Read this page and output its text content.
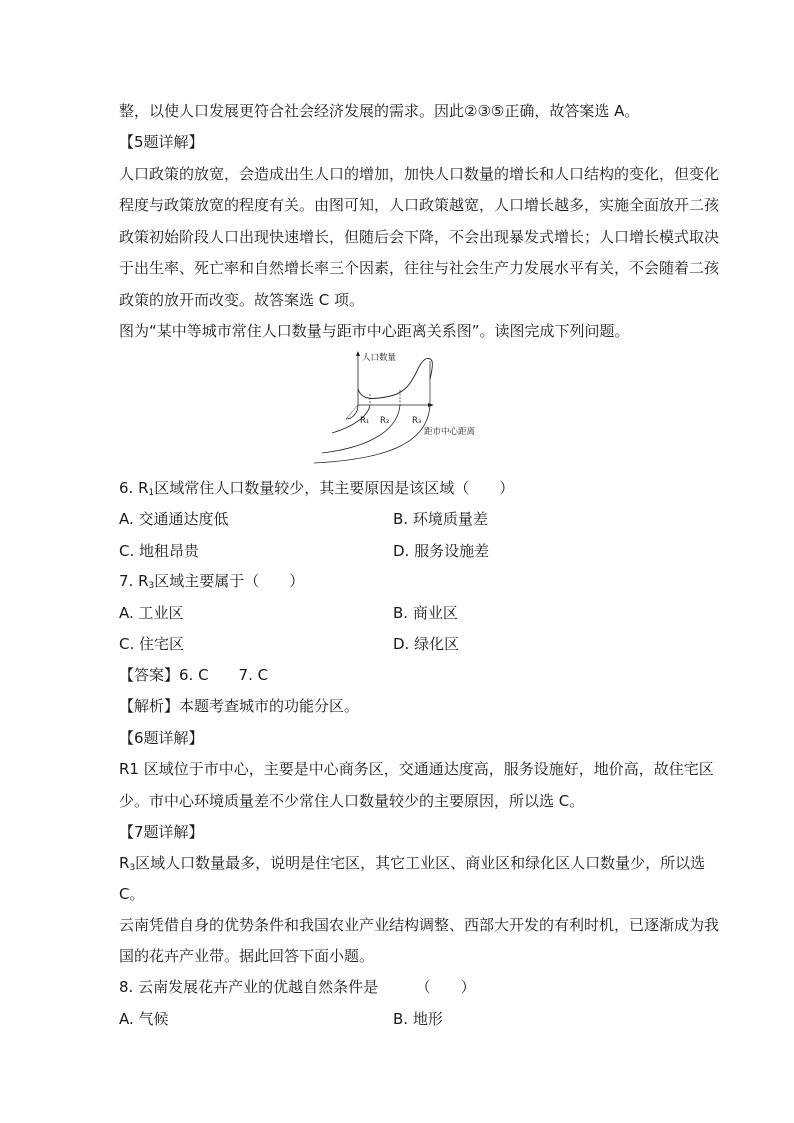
整，以使人口发展更符合社会经济发展的需求。因此②③⑤正确，故答案选 A。
【5题详解】
人口政策的放宽，会造成出生人口的增加，加快人口数量的增长和人口结构的变化，但变化
程度与政策放宽的程度有关。由图可知，人口政策越宽，人口增长越多，实施全面放开二孩
政策初始阶段人口出现快速增长，但随后会下降，不会出现暴发式增长；人口增长模式取决
于出生率、死亡率和自然增长率三个因素，往往与社会生产力发展水平有关，不会随着二孩
政策的放开而改变。故答案选 C 项。
图为“某中等城市常住人口数量与距市中心距离关系图”。读图完成下列问题。
人口数量
R₁ R₂	R₃
距市中心距离
6. $R_1$区域常住人口数量较少，其主要原因是该区域（　　）
A. 交通通达度低	B. 环境质量差
C. 地租昂贵	D. 服务设施差
7. $R_3$区域主要属于（　　）
A. 工业区	B. 商业区
C. 住宅区	D. 绿化区
【答案】6. C　　7. C
【解析】本题考查城市的功能分区。
【6题详解】
R1 区域位于市中心，主要是中心商务区，交通通达度高，服务设施好，地价高，故住宅区
少。市中心环境质量差不少常住人口数量较少的主要原因，所以选 C。
【7题详解】
$R_3$区域人口数量最多，说明是住宅区，其它工业区、商业区和绿化区人口数量少，所以选
C。
云南凭借自身的优势条件和我国农业产业结构调整、西部大开发的有利时机，已逐渐成为我
国的花卉产业带。据此回答下面小题。
8. 云南发展花卉产业的优越自然条件是　　　（　　）
A. 气候	B. 地形
